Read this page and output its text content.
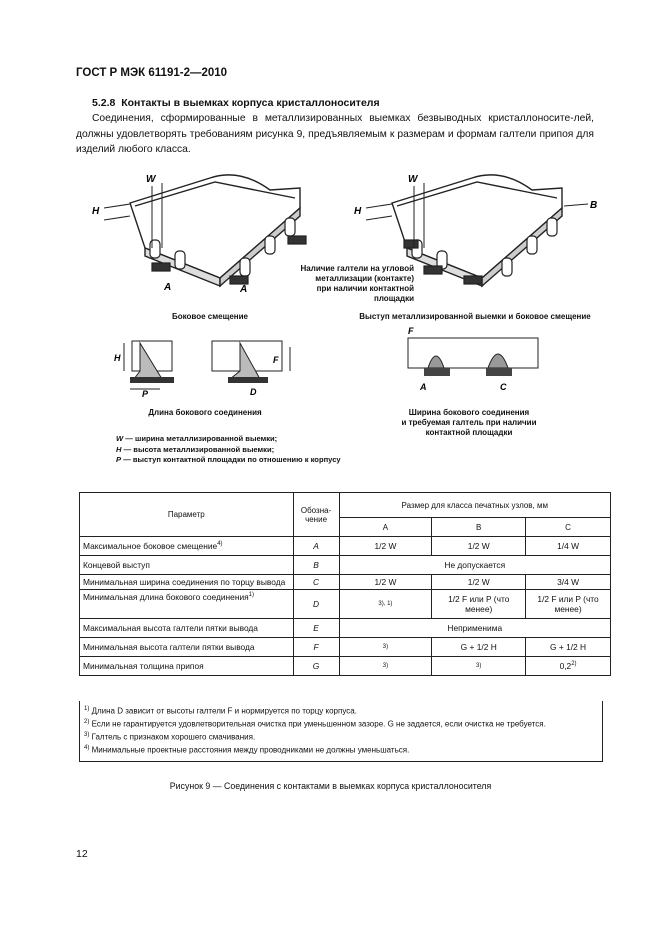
ГОСТ Р МЭК 61191-2—2010
5.2.8 Контакты в выемках корпуса кристаллоносителя
Соединения, сформированные в металлизированных выемках безвыводных кристаллоносите-лей, должны удовлетворять требованиям рисунка 9, предъявляемым к размерам и формам галтели припоя для изделий любого класса.
W
H
A	A
W
H
B
Наличие галтели на угловой
металлизации (контакте)
при наличии контактной
площадки
Боковое смещение	Выступ металлизированной выемки и боковое смещение
H
P
F
D
F
A	C
Длина бокового соединения	Ширина бокового соединения
и требуемая галтель при наличии
контактной площадки
W — ширина металлизированной выемки;
H — высота металлизированной выемки;
P — выступ контактной площадки по отношению к корпусу
Параметр	Обозна-чение	Размер для класса печатных узлов, мм		
		A	B	C
Максимальное боковое смещение$^{4)}$	A	1/2 W	1/2 W	1/4 W
Концевой выступ	B	Не допускается		
Минимальная ширина соединения по торцу вывода	C	1/2 W	1/2 W	3/4 W
Минимальная длина бокового соединения$^{1)}$	D	3), 1)	1/2 F или P (что менее)	1/2 F или P (что менее)
Максимальная высота галтели пятки вывода	E	Неприменима		
Минимальная высота галтели пятки вывода	F	3)	G + 1/2 H	G + 1/2 H
Минимальная толщина припоя	G	3)	3)	0,2$^{2)}$
$^{1)}$ Длина D зависит от высоты галтели F и нормируется по торцу корпуса.
$^{2)}$ Если не гарантируется удовлетворительная очистка при уменьшенном зазоре. G не задается, если очистка не требуется.
$^{3)}$ Галтель с признаком хорошего смачивания.
$^{4)}$ Минимальные проектные расстояния между проводниками не должны уменьшаться.
Рисунок 9 — Соединения с контактами в выемках корпуса кристаллоносителя
12
